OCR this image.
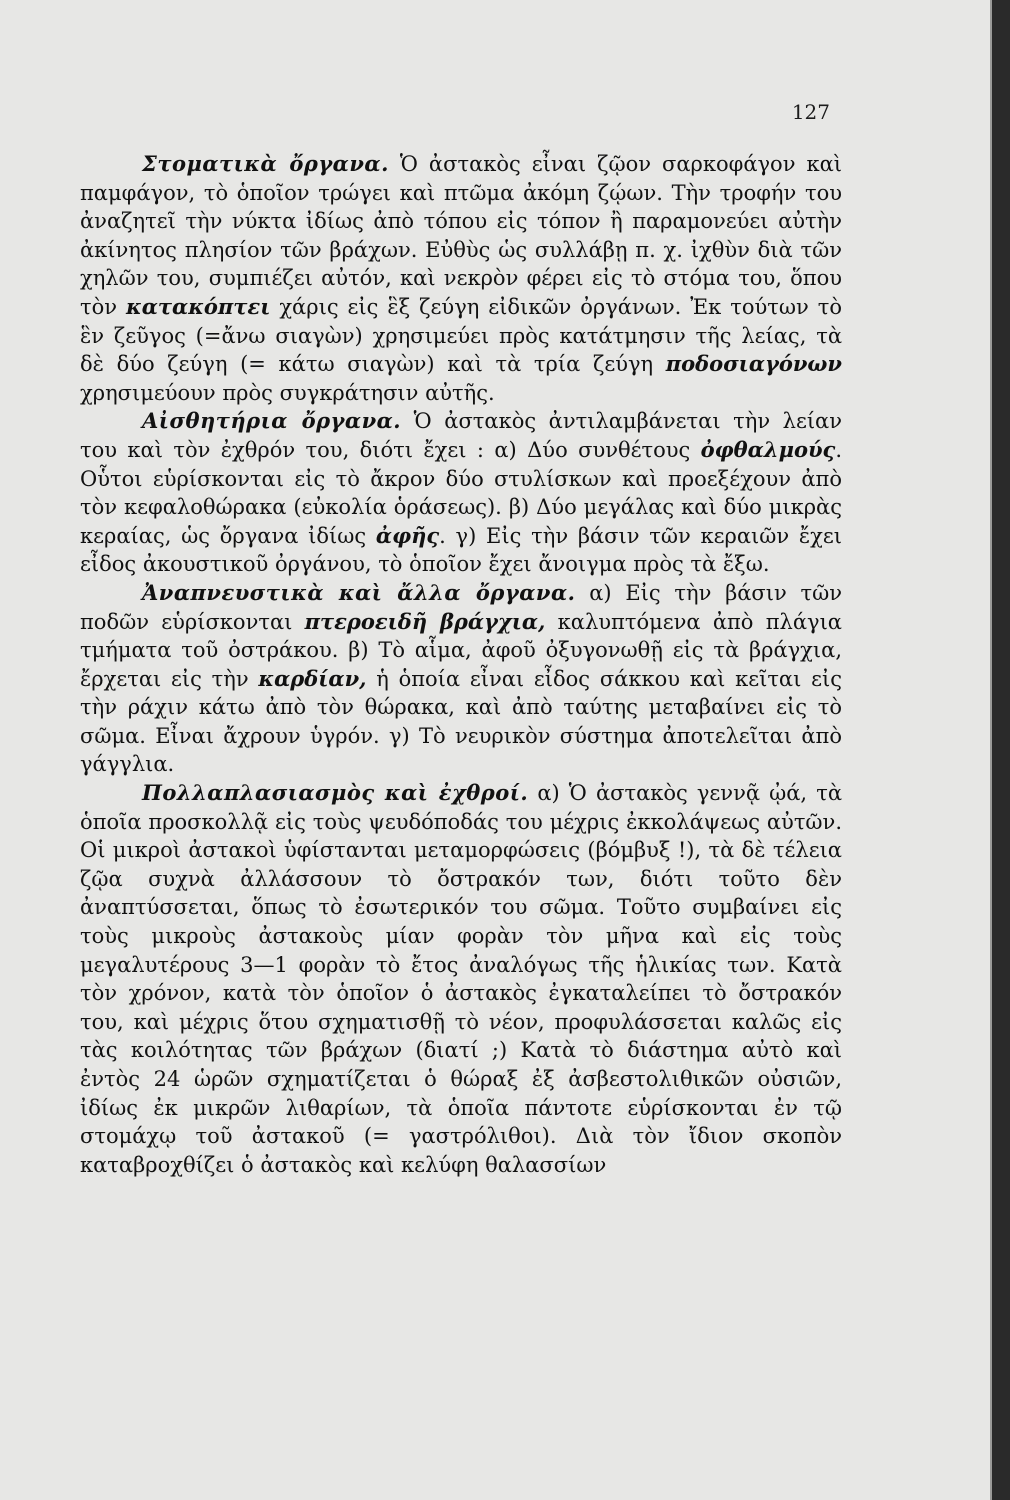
127

Στοματικὰ ὄργανα. Ὁ ἀστακὸς εἶναι ζῷον σαρκοφάγον καὶ παμφάγον, τὸ ὁποῖον τρώγει καὶ πτῶμα ἀκόμη ζῴων. Τὴν τροφήν του ἀναζητεῖ τὴν νύκτα ἰδίως ἀπὸ τόπου εἰς τόπον ἢ παραμονεύει αὐτὴν ἀκίνητος πλησίον τῶν βράχων. Εὐθὺς ὡς συλλάβῃ π. χ. ἰχθὺν διὰ τῶν χηλῶν του, συμπιέζει αὐτόν, καὶ νεκρὸν φέρει εἰς τὸ στόμα του, ὅπου τὸν κατακόπτει χάρις εἰς ἓξ ζεύγη εἰδικῶν ὀργάνων. Ἐκ τούτων τὸ ἓν ζεῦγος (=ἄνω σιαγὼν) χρησιμεύει πρὸς κατάτμησιν τῆς λείας, τὰ δὲ δύο ζεύγη (= κάτω σιαγὼν) καὶ τὰ τρία ζεύγη ποδοσιαγόνων χρησιμεύουν πρὸς συγκράτησιν αὐτῆς.

Αἰσθητήρια ὄργανα. Ὁ ἀστακὸς ἀντιλαμβάνεται τὴν λείαν του καὶ τὸν ἐχθρόν του, διότι ἔχει : α) Δύο συνθέτους ὀφθαλμούς. Οὗτοι εὑρίσκονται εἰς τὸ ἄκρον δύο στυλίσκων καὶ προεξέχουν ἀπὸ τὸν κεφαλοθώρακα (εὐκολία ὁράσεως). β) Δύο μεγάλας καὶ δύο μικρὰς κεραίας, ὡς ὄργανα ἰδίως ἀφῆς. γ) Εἰς τὴν βάσιν τῶν κεραιῶν ἔχει εἶδος ἀκουστικοῦ ὀργάνου, τὸ ὁποῖον ἔχει ἄνοιγμα πρὸς τὰ ἔξω.

Ἀναπνευστικὰ καὶ ἄλλα ὄργανα. α) Εἰς τὴν βάσιν τῶν ποδῶν εὑρίσκονται πτεροειδῆ βράγχια, καλυπτόμενα ἀπὸ πλάγια τμήματα τοῦ ὀστράκου. β) Τὸ αἷμα, ἀφοῦ ὀξυγονωθῇ εἰς τὰ βράγχια, ἔρχεται εἰς τὴν καρδίαν, ἡ ὁποία εἶναι εἶδος σάκκου καὶ κεῖται εἰς τὴν ράχιν κάτω ἀπὸ τὸν θώρακα, καὶ ἀπὸ ταύτης μεταβαίνει εἰς τὸ σῶμα. Εἶναι ἄχρουν ὑγρόν. γ) Τὸ νευρικὸν σύστημα ἀποτελεῖται ἀπὸ γάγγλια.

Πολλαπλασιασμὸς καὶ ἐχθροί. α) Ὁ ἀστακὸς γεννᾷ ᾠά, τὰ ὁποῖα προσκολλᾷ εἰς τοὺς ψευδόποδάς του μέχρις ἐκκολάψεως αὐτῶν. Οἱ μικροὶ ἀστακοὶ ὑφίστανται μεταμορφώσεις (βόμβυξ !), τὰ δὲ τέλεια ζῷα συχνὰ ἀλλάσσουν τὸ ὄστρακόν των, διότι τοῦτο δὲν ἀναπτύσσεται, ὅπως τὸ ἐσωτερικόν του σῶμα. Τοῦτο συμβαίνει εἰς τοὺς μικροὺς ἀστακοὺς μίαν φορὰν τὸν μῆνα καὶ εἰς τοὺς μεγαλυτέρους 3—1 φορὰν τὸ ἔτος ἀναλόγως τῆς ἡλικίας των. Κατὰ τὸν χρόνον, κατὰ τὸν ὁποῖον ὁ ἀστακὸς ἐγκαταλείπει τὸ ὄστρακόν του, καὶ μέχρις ὅτου σχηματισθῇ τὸ νέον, προφυλάσσεται καλῶς εἰς τὰς κοιλότητας τῶν βράχων (διατί ;) Κατὰ τὸ διάστημα αὐτὸ καὶ ἐντὸς 24 ὡρῶν σχηματίζεται ὁ θώραξ ἐξ ἀσβεστολιθικῶν οὐσιῶν, ἰδίως ἐκ μικρῶν λιθαρίων, τὰ ὁποῖα πάντοτε εὑρίσκονται ἐν τῷ στομάχῳ τοῦ ἀστακοῦ (= γαστρόλιθοι). Διὰ τὸν ἴδιον σκοπὸν καταβροχθίζει ὁ ἀστακὸς καὶ κελύφη θαλασσίων
